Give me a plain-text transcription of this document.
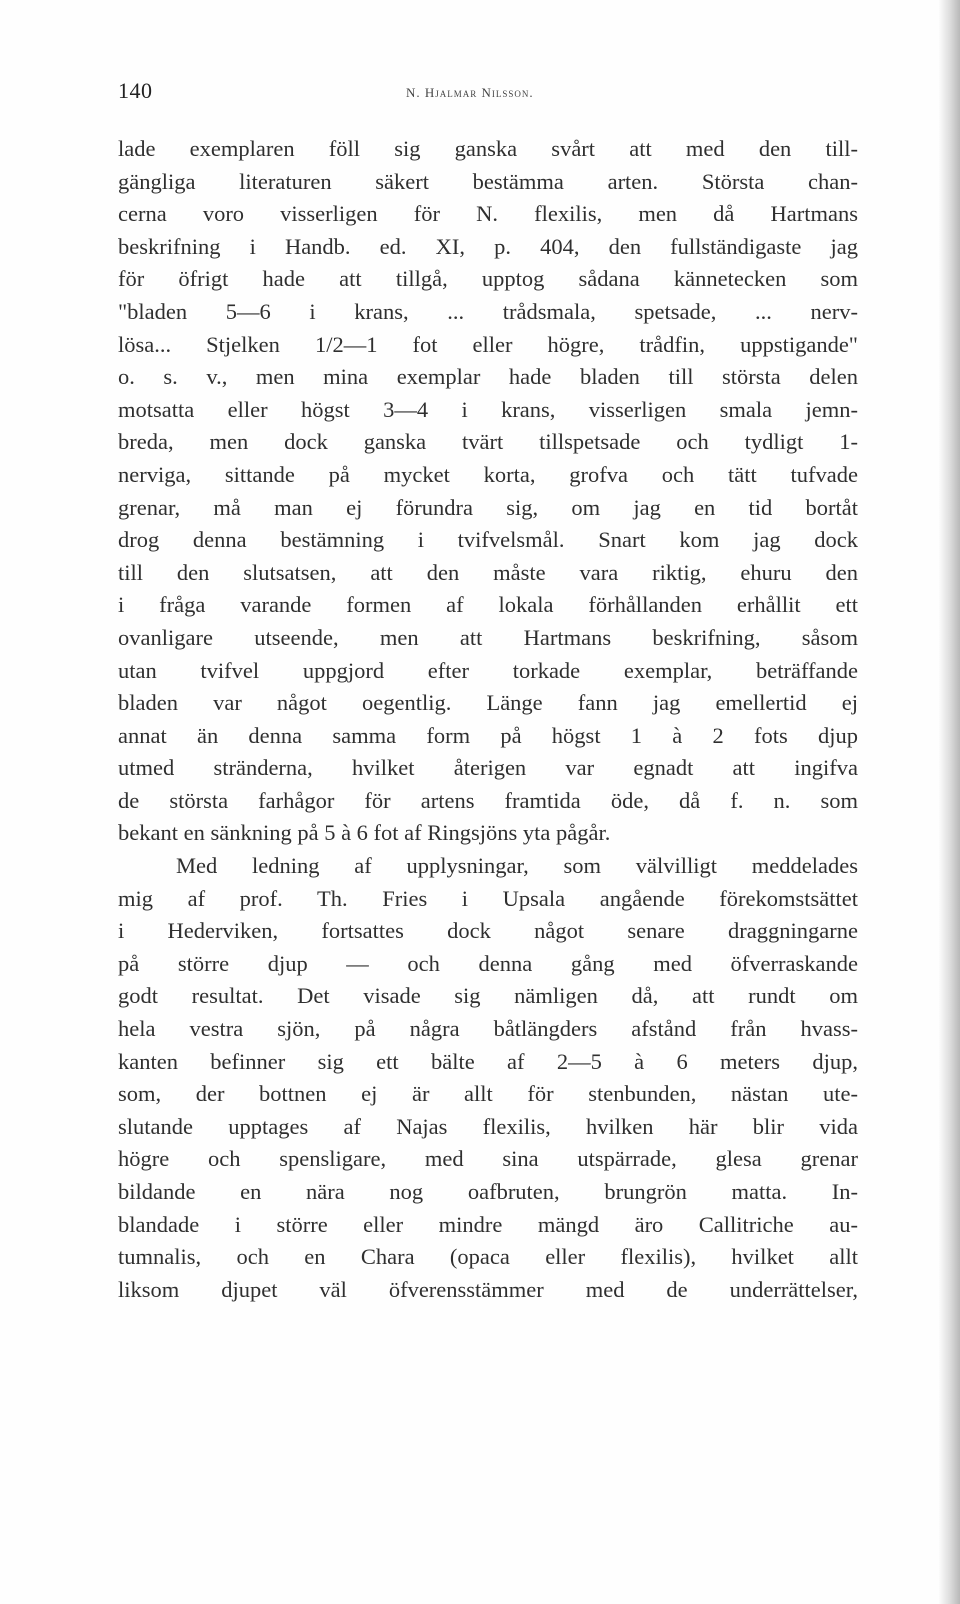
140	N. Hjalmar Nilsson.
lade exemplaren föll sig ganska svårt att med den till-
gängliga literaturen säkert bestämma arten. Största chan-
cerna voro visserligen för N. flexilis, men då Hartmans
beskrifning i Handb. ed. XI, p. 404, den fullständigaste jag
för öfrigt hade att tillgå, upptog sådana kännetecken som
"bladen 5—6 i krans, ... trådsmala, spetsade, ... nerv-
lösa... Stjelken 1/2—1 fot eller högre, trådfin, uppstigande"
o. s. v., men mina exemplar hade bladen till största delen
motsatta eller högst 3—4 i krans, visserligen smala jemn-
breda, men dock ganska tvärt tillspetsade och tydligt 1-
nerviga, sittande på mycket korta, grofva och tätt tufvade
grenar, må man ej förundra sig, om jag en tid bortåt
drog denna bestämning i tvifvelsmål. Snart kom jag dock
till den slutsatsen, att den måste vara riktig, ehuru den
i fråga varande formen af lokala förhållanden erhållit ett
ovanligare utseende, men att Hartmans beskrifning, såsom
utan tvifvel uppgjord efter torkade exemplar, beträffande
bladen var något oegentlig. Länge fann jag emellertid ej
annat än denna samma form på högst 1 à 2 fots djup
utmed stränderna, hvilket återigen var egnadt att ingifva
de största farhågor för artens framtida öde, då f. n. som
bekant en sänkning på 5 à 6 fot af Ringsjöns yta pågår.
Med ledning af upplysningar, som välvilligt meddelades
mig af prof. Th. Fries i Upsala angående förekomstsättet
i Hederviken, fortsattes dock något senare draggningarne
på större djup — och denna gång med öfverraskande
godt resultat. Det visade sig nämligen då, att rundt om
hela vestra sjön, på några båtlängders afstånd från hvass-
kanten befinner sig ett bälte af 2—5 à 6 meters djup,
som, der bottnen ej är allt för stenbunden, nästan ute-
slutande upptages af Najas flexilis, hvilken här blir vida
högre och spensligare, med sina utspärrade, glesa grenar
bildande en nära nog oafbruten, brungrön matta. In-
blandade i större eller mindre mängd äro Callitriche au-
tumnalis, och en Chara (opaca eller flexilis), hvilket allt
liksom djupet väl öfverensstämmer med de underrättelser,
